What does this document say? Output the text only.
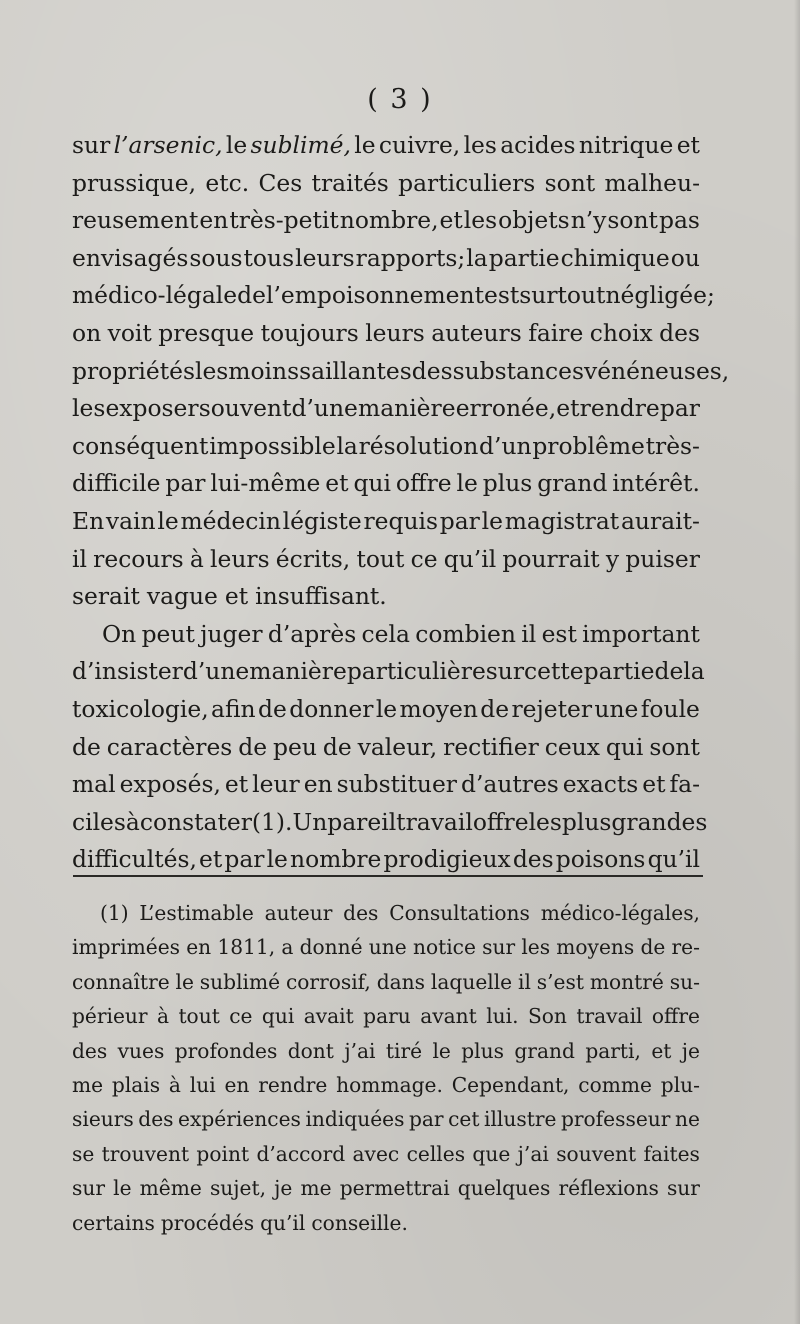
( 3 )
sur l’arsenic, le sublimé, le cuivre, les acides nitrique et
prussique, etc. Ces traités particuliers sont malheu-
reusement en très-petit nombre, et les objets n’y sont pas
envisagés sous tous leurs rapports; la partie chimique ou
médico-légale de l’empoisonnement est surtout négligée;
on voit presque toujours leurs auteurs faire choix des
propriétés les moins saillantes des substances vénéneuses,
les exposer souvent d’une manière erronée, et rendre par
conséquent impossible la résolution d’un problême très-
difficile par lui-même et qui offre le plus grand intérêt.
En vain le médecin légiste requis par le magistrat aurait-
il recours à leurs écrits, tout ce qu’il pourrait y puiser
serait vague et insuffisant.
On peut juger d’après cela combien il est important
d’insister d’une manière particulière sur cette partie de la
toxicologie, afin de donner le moyen de rejeter une foule
de caractères de peu de valeur, rectifier ceux qui sont
mal exposés, et leur en substituer d’autres exacts et fa-
ciles à constater (1). Un pareil travail offre les plus grandes
difficultés, et par le nombre prodigieux des poisons qu’il
(1) L’estimable auteur des Consultations médico-légales,
imprimées en 1811, a donné une notice sur les moyens de re-
connaître le sublimé corrosif, dans laquelle il s’est montré su-
périeur à tout ce qui avait paru avant lui. Son travail offre
des vues profondes dont j’ai tiré le plus grand parti, et je
me plais à lui en rendre hommage. Cependant, comme plu-
sieurs des expériences indiquées par cet illustre professeur ne
se trouvent point d’accord avec celles que j’ai souvent faites
sur le même sujet, je me permettrai quelques réflexions sur
certains procédés qu’il conseille.
